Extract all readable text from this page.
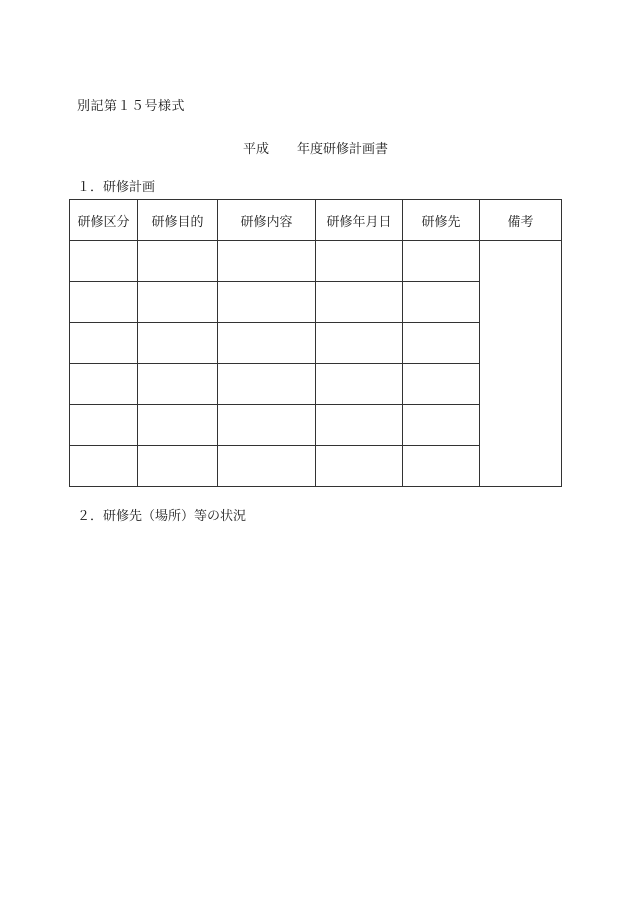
別記第１５号様式
平成	年度研修計画書
１．研修計画
研修区分	研修目的	研修内容	研修年月日	研修先	備考

２．研修先（場所）等の状況
